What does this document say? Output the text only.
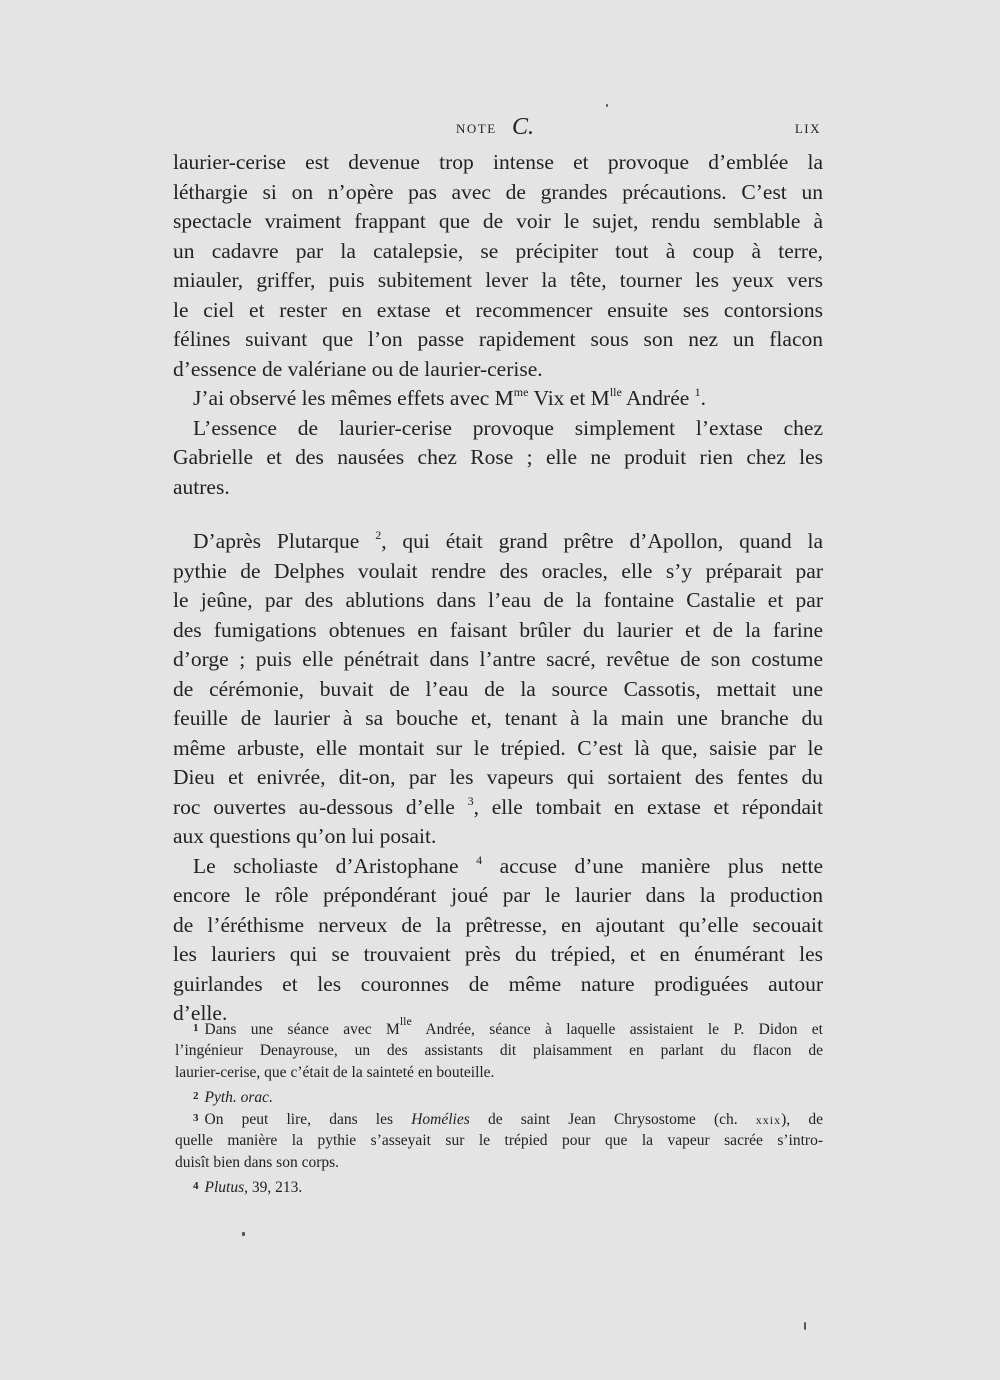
NOTE C.	LIX
laurier-cerise est devenue trop intense et provoque d’emblée la
léthargie si on n’opère pas avec de grandes précautions. C’est un
spectacle vraiment frappant que de voir le sujet, rendu semblable à
un cadavre par la catalepsie, se précipiter tout à coup à terre,
miauler, griffer, puis subitement lever la tête, tourner les yeux vers
le ciel et rester en extase et recommencer ensuite ses contorsions
félines suivant que l’on passe rapidement sous son nez un flacon
d’essence de valériane ou de laurier-cerise.
J’ai observé les mêmes effets avec $M^{me}$ Vix et $M^{lle}$ Andrée $^1$.
L’essence de laurier-cerise provoque simplement l’extase chez
Gabrielle et des nausées chez Rose ; elle ne produit rien chez les
autres.
D’après Plutarque $^2$, qui était grand prêtre d’Apollon, quand la
pythie de Delphes voulait rendre des oracles, elle s’y préparait par
le jeûne, par des ablutions dans l’eau de la fontaine Castalie et par
des fumigations obtenues en faisant brûler du laurier et de la farine
d’orge ; puis elle pénétrait dans l’antre sacré, revêtue de son costume
de cérémonie, buvait de l’eau de la source Cassotis, mettait une
feuille de laurier à sa bouche et, tenant à la main une branche du
même arbuste, elle montait sur le trépied. C’est là que, saisie par le
Dieu et enivrée, dit-on, par les vapeurs qui sortaient des fentes du
roc ouvertes au-dessous d’elle $^3$, elle tombait en extase et répondait
aux questions qu’on lui posait.
Le scholiaste d’Aristophane $^4$ accuse d’une manière plus nette
encore le rôle prépondérant joué par le laurier dans la production
de l’éréthisme nerveux de la prêtresse, en ajoutant qu’elle secouait
les lauriers qui se trouvaient près du trépied, et en énumérant les
guirlandes et les couronnes de même nature prodiguées autour
d’elle.
1 Dans une séance avec $M^{lle}$ Andrée, séance à laquelle assistaient le P. Didon et
l’ingénieur Denayrouse, un des assistants dit plaisamment en parlant du flacon de
laurier-cerise, que c’était de la sainteté en bouteille.
2 Pyth. orac.
3 On peut lire, dans les Homélies de saint Jean Chrysostome (ch. xxix), de
quelle manière la pythie s’asseyait sur le trépied pour que la vapeur sacrée s’intro-
duisît bien dans son corps.
4 Plutus, 39, 213.
